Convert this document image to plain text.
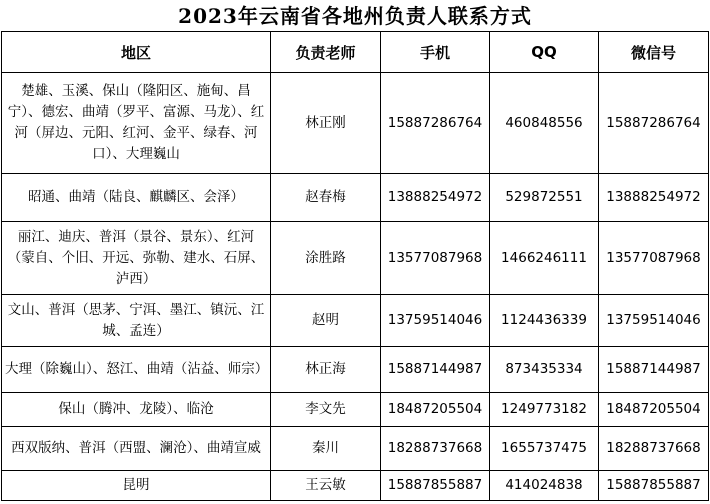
2023年云南省各地州负责人联系方式
地区	负责老师	手机	QQ	微信号
楚雄、玉溪、保山（隆阳区、施甸、昌宁）、德宏、曲靖（罗平、富源、马龙）、红河（屏边、元阳、红河、金平、绿春、河口）、大理巍山	林正刚	15887286764	460848556	15887286764
昭通、曲靖（陆良、麒麟区、会泽）	赵春梅	13888254972	529872551	13888254972
丽江、迪庆、普洱（景谷、景东）、红河（蒙自、个旧、开远、弥勒、建水、石屏、泸西）	涂胜路	13577087968	1466246111	13577087968
文山、普洱（思茅、宁洱、墨江、镇沅、江城、孟连）	赵明	13759514046	1124436339	13759514046
大理（除巍山）、怒江、曲靖（沾益、师宗）	林正海	15887144987	873435334	15887144987
保山（腾冲、龙陵）、临沧	李文先	18487205504	1249773182	18487205504
西双版纳、普洱（西盟、澜沧）、曲靖宣威	秦川	18288737668	1655737475	18288737668
昆明	王云敏	15887855887	414024838	15887855887
